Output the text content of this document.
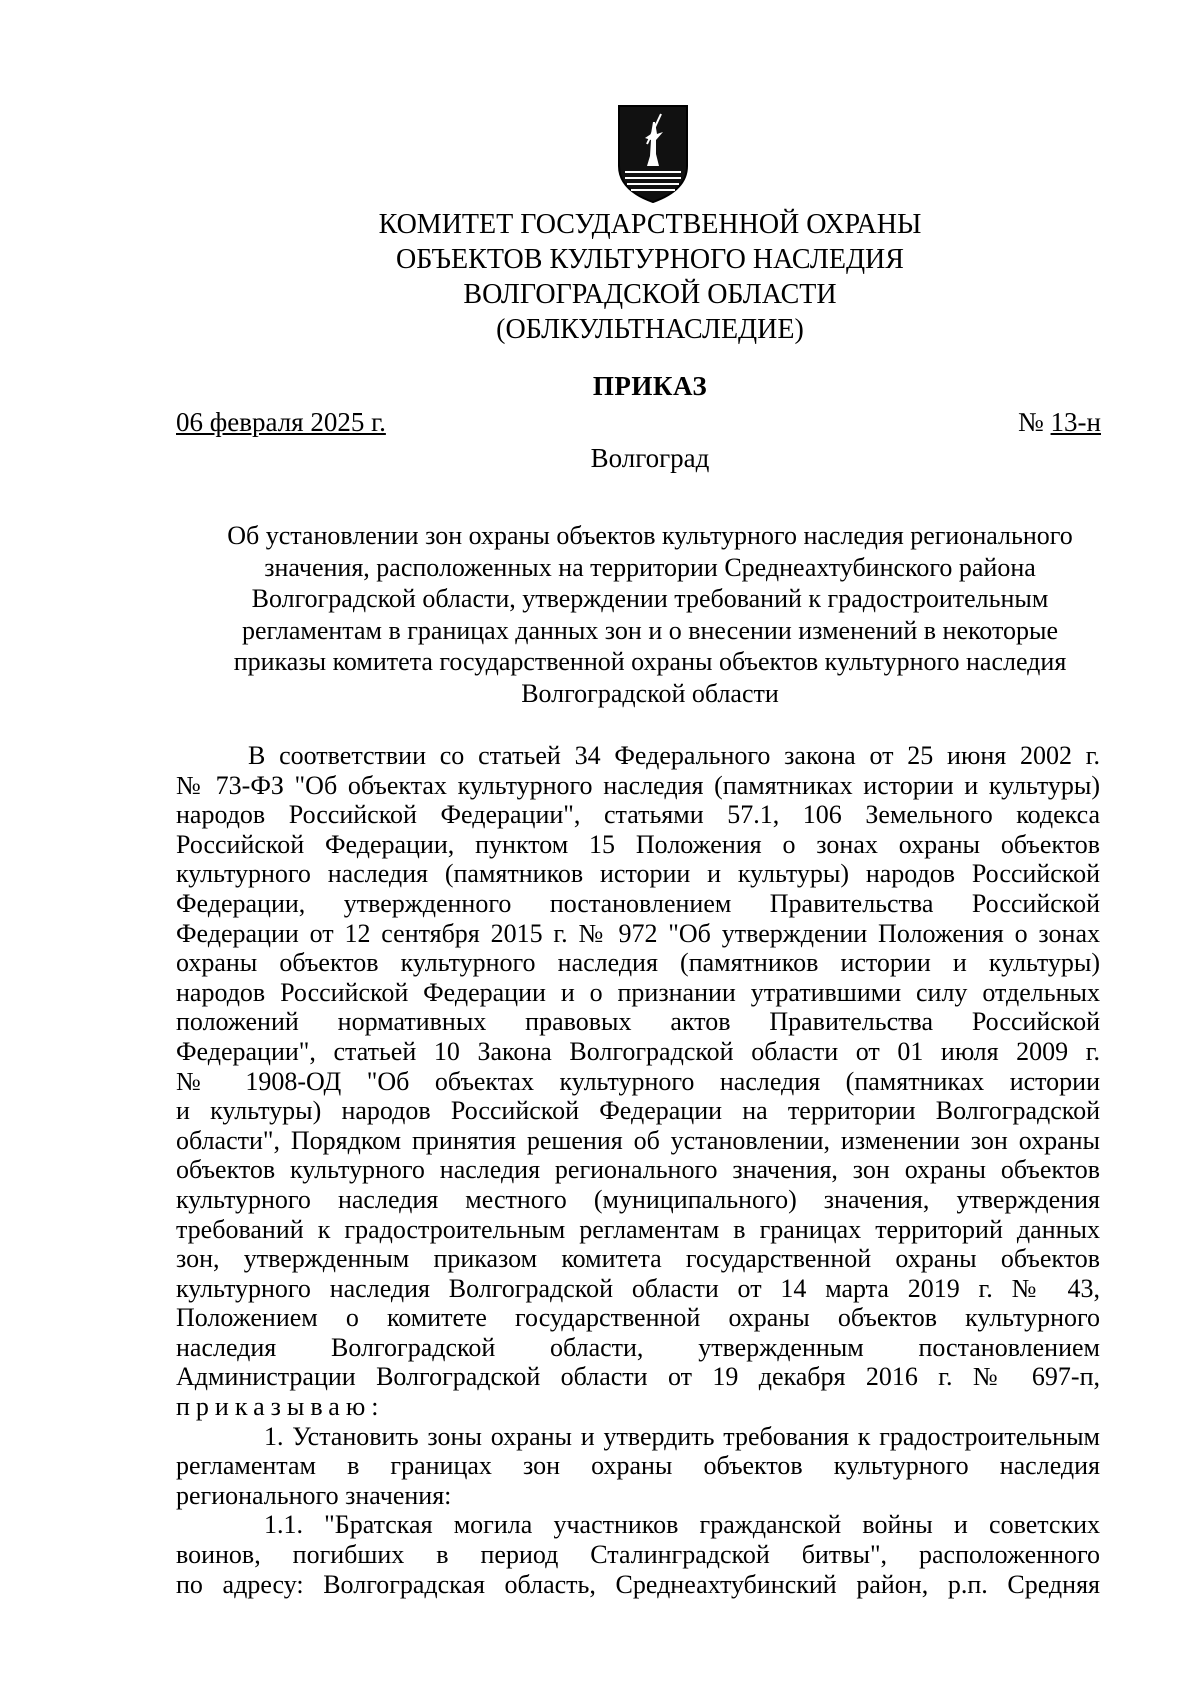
КОМИТЕТ ГОСУДАРСТВЕННОЙ ОХРАНЫ
ОБЪЕКТОВ КУЛЬТУРНОГО НАСЛЕДИЯ
ВОЛГОГРАДСКОЙ ОБЛАСТИ
(ОБЛКУЛЬТНАСЛЕДИЕ)
ПРИКАЗ
06 февраля 2025 г.	№ 13-н
Волгоград
Об установлении зон охраны объектов культурного наследия регионального
значения, расположенных на территории Среднеахтубинского района
Волгоградской области, утверждении требований к градостроительным
регламентам в границах данных зон и о внесении изменений в некоторые
приказы комитета государственной охраны объектов культурного наследия
Волгоградской области
В соответствии со статьей 34 Федерального закона от 25 июня 2002 г.
№ 73-ФЗ "Об объектах культурного наследия (памятниках истории и культуры)
народов Российской Федерации", статьями 57.1, 106 Земельного кодекса
Российской Федерации, пунктом 15 Положения о зонах охраны объектов
культурного наследия (памятников истории и культуры) народов Российской
Федерации, утвержденного постановлением Правительства Российской
Федерации от 12 сентября 2015 г. № 972 "Об утверждении Положения о зонах
охраны объектов культурного наследия (памятников истории и культуры)
народов Российской Федерации и о признании утратившими силу отдельных
положений нормативных правовых актов Правительства Российской
Федерации", статьей 10 Закона Волгоградской области от 01 июля 2009 г.
№ 1908-ОД "Об объектах культурного наследия (памятниках истории
и культуры) народов Российской Федерации на территории Волгоградской
области", Порядком принятия решения об установлении, изменении зон охраны
объектов культурного наследия регионального значения, зон охраны объектов
культурного наследия местного (муниципального) значения, утверждения
требований к градостроительным регламентам в границах территорий данных
зон, утвержденным приказом комитета государственной охраны объектов
культурного наследия Волгоградской области от 14 марта 2019 г. № 43,
Положением о комитете государственной охраны объектов культурного
наследия Волгоградской области, утвержденным постановлением
Администрации Волгоградской области от 19 декабря 2016 г. № 697-п,
приказываю:
1. Установить зоны охраны и утвердить требования к градостроительным
регламентам в границах зон охраны объектов культурного наследия
регионального значения:
1.1. "Братская могила участников гражданской войны и советских
воинов, погибших в период Сталинградской битвы", расположенного
по адресу: Волгоградская область, Среднеахтубинский район, р.п. Средняя
